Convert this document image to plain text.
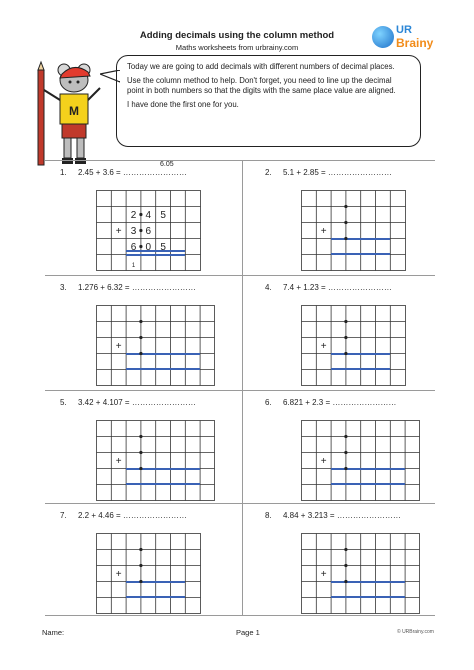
Adding decimals using the column method
Maths worksheets from urbrainy.com
UR
Brainy
M

Today we are going to add decimals with different numbers of decimal places.

Use the column method to help. Don't forget, you need to line up the decimal point in both numbers so that the digits with the same place value are aligned.

I have done the first one for you.

1. 2.45 + 3.6 = ……………………
6.05
2 4 5
+ 3 6
6 0 5
1
2. 5.1 + 2.85 = ……………………
+
3. 1.276 + 6.32 = ……………………
+
4. 7.4 + 1.23 = ……………………
+
5. 3.42 + 4.107 = ……………………
+
6. 6.821 + 2.3 = ……………………
+
7. 2.2 + 4.46 = ……………………
+
8. 4.84 + 3.213 = ……………………
+
Name:	Page 1	© URBrainy.com
